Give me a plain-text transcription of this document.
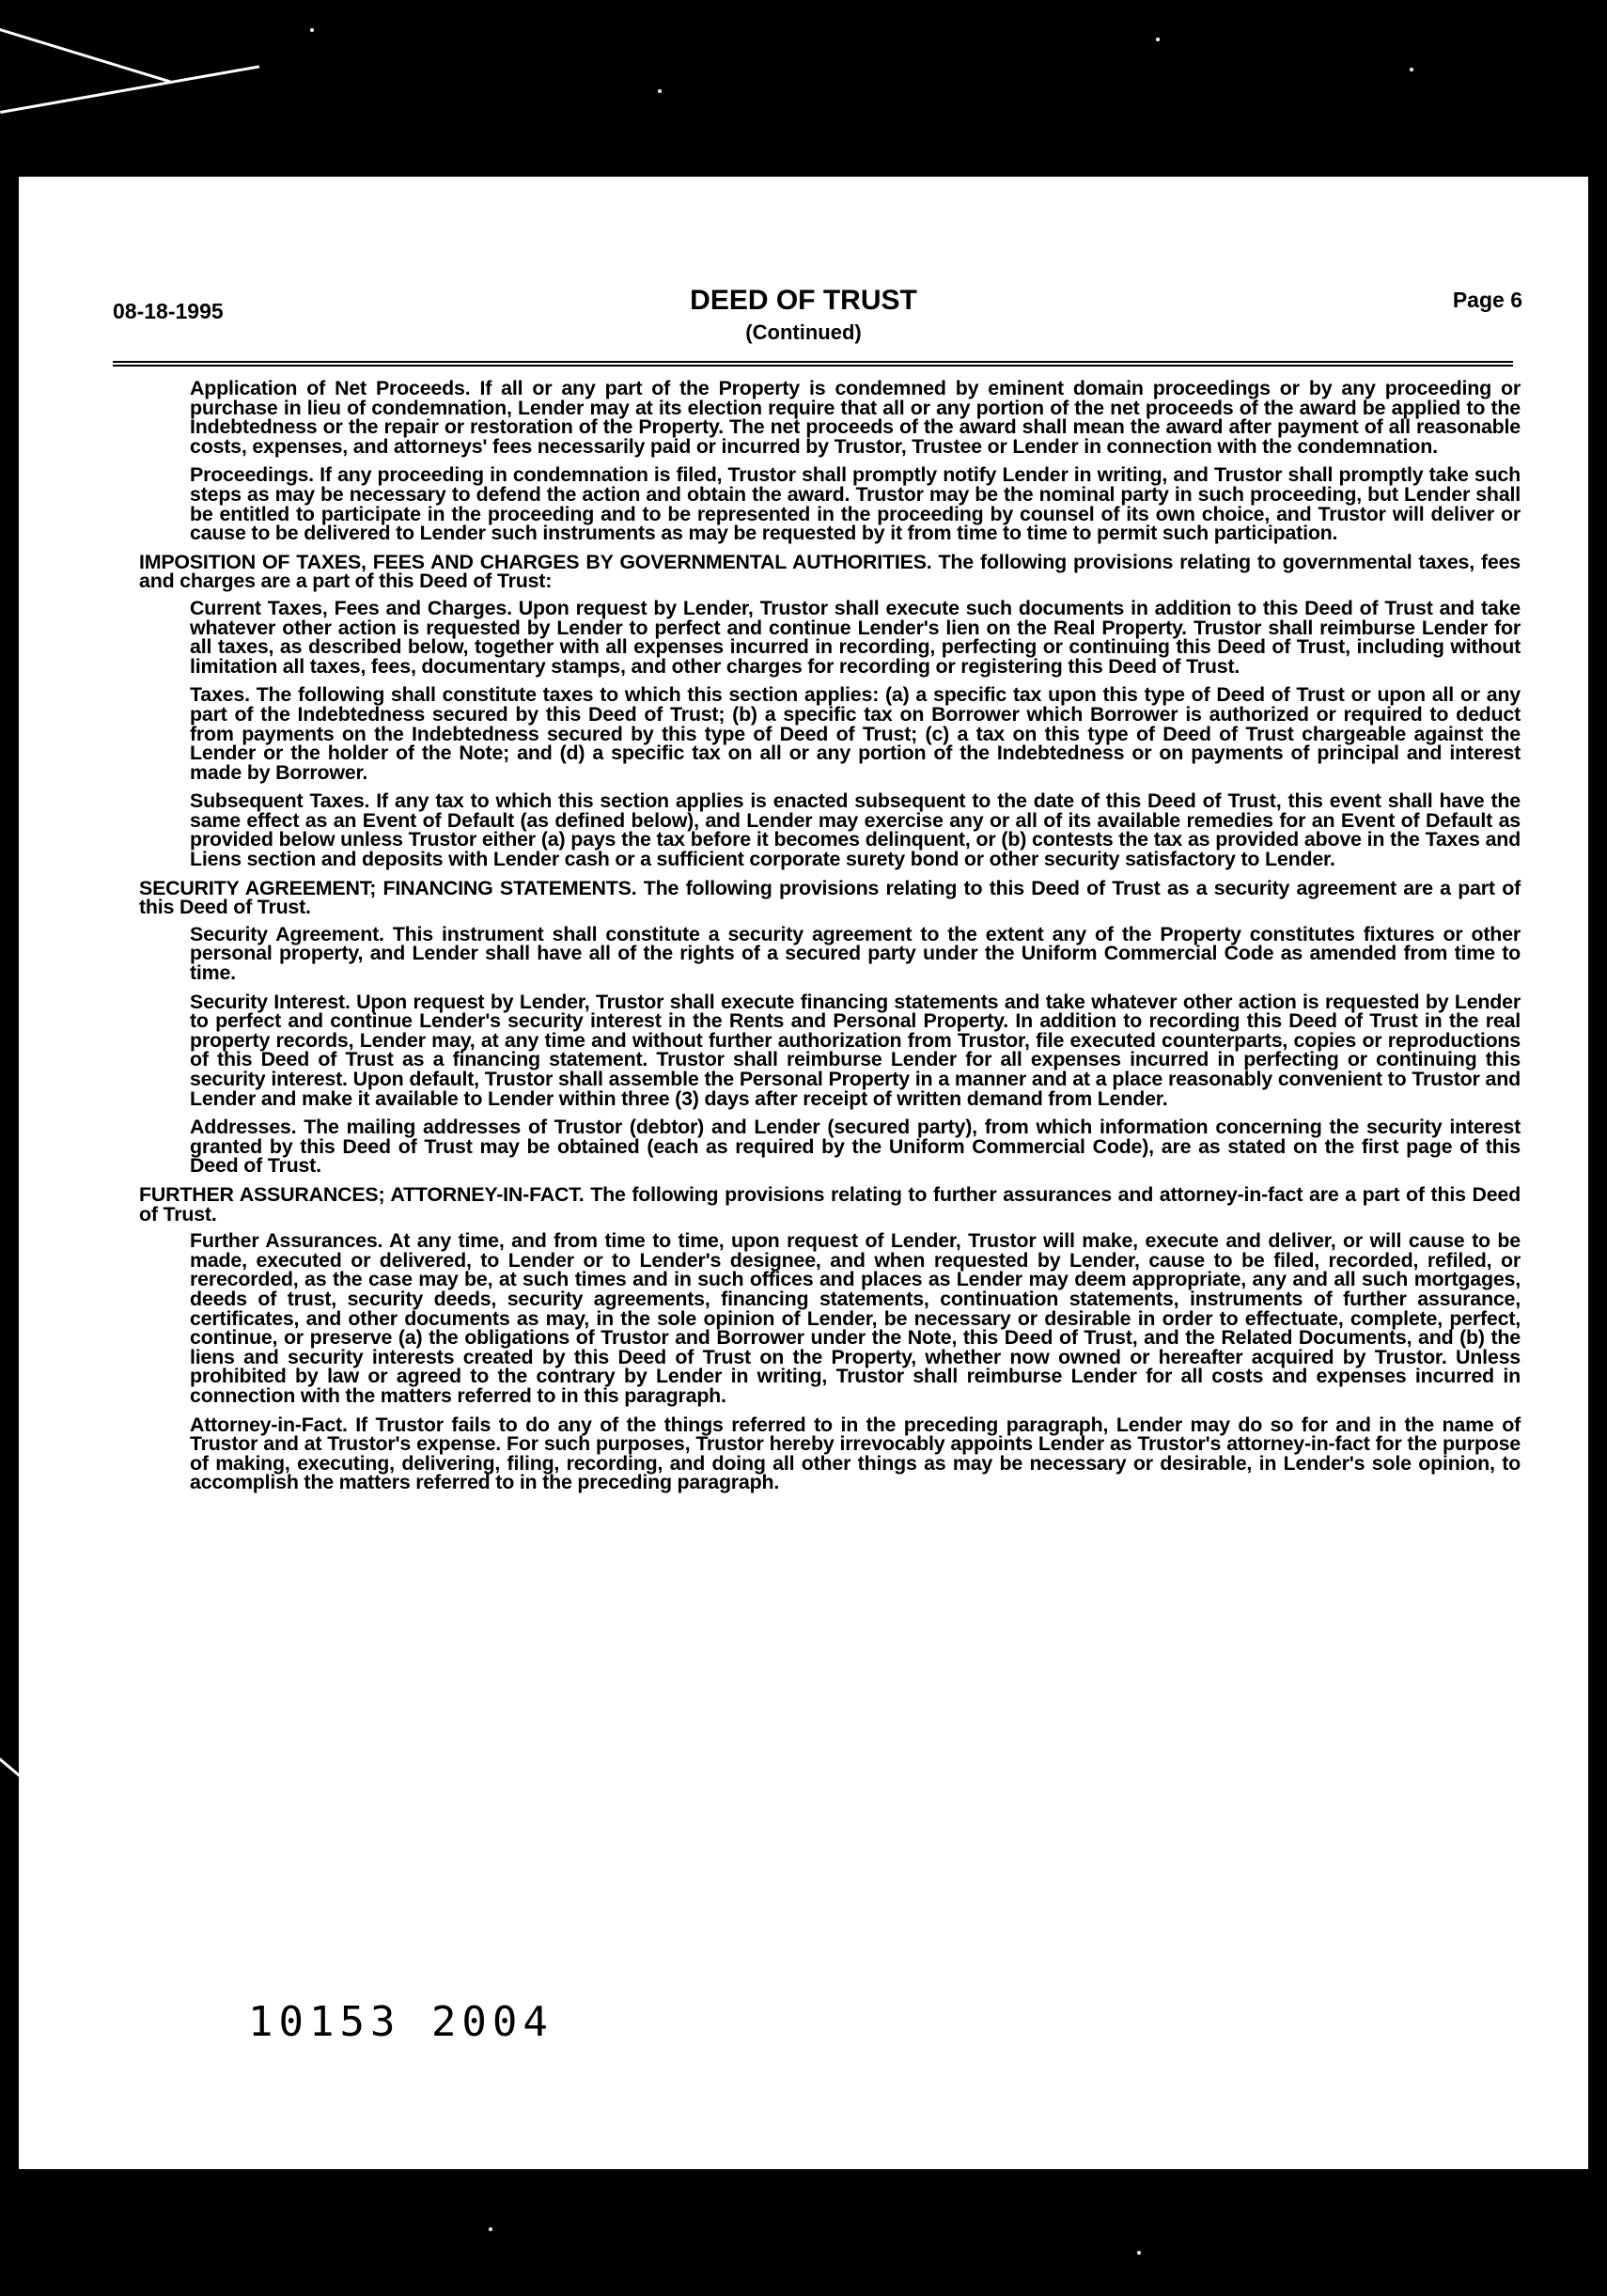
08-18-1995	DEED OF TRUST
(Continued)
Page 6

Application of Net Proceeds. If all or any part of the Property is condemned by eminent domain proceedings or by any proceeding or purchase in lieu of condemnation, Lender may at its election require that all or any portion of the net proceeds of the award be applied to the Indebtedness or the repair or restoration of the Property. The net proceeds of the award shall mean the award after payment of all reasonable costs, expenses, and attorneys' fees necessarily paid or incurred by Trustor, Trustee or Lender in connection with the condemnation.

Proceedings. If any proceeding in condemnation is filed, Trustor shall promptly notify Lender in writing, and Trustor shall promptly take such steps as may be necessary to defend the action and obtain the award. Trustor may be the nominal party in such proceeding, but Lender shall be entitled to participate in the proceeding and to be represented in the proceeding by counsel of its own choice, and Trustor will deliver or cause to be delivered to Lender such instruments as may be requested by it from time to time to permit such participation.

IMPOSITION OF TAXES, FEES AND CHARGES BY GOVERNMENTAL AUTHORITIES. The following provisions relating to governmental taxes, fees and charges are a part of this Deed of Trust:

Current Taxes, Fees and Charges. Upon request by Lender, Trustor shall execute such documents in addition to this Deed of Trust and take whatever other action is requested by Lender to perfect and continue Lender's lien on the Real Property. Trustor shall reimburse Lender for all taxes, as described below, together with all expenses incurred in recording, perfecting or continuing this Deed of Trust, including without limitation all taxes, fees, documentary stamps, and other charges for recording or registering this Deed of Trust.

Taxes. The following shall constitute taxes to which this section applies: (a) a specific tax upon this type of Deed of Trust or upon all or any part of the Indebtedness secured by this Deed of Trust; (b) a specific tax on Borrower which Borrower is authorized or required to deduct from payments on the Indebtedness secured by this type of Deed of Trust; (c) a tax on this type of Deed of Trust chargeable against the Lender or the holder of the Note; and (d) a specific tax on all or any portion of the Indebtedness or on payments of principal and interest made by Borrower.

Subsequent Taxes. If any tax to which this section applies is enacted subsequent to the date of this Deed of Trust, this event shall have the same effect as an Event of Default (as defined below), and Lender may exercise any or all of its available remedies for an Event of Default as provided below unless Trustor either (a) pays the tax before it becomes delinquent, or (b) contests the tax as provided above in the Taxes and Liens section and deposits with Lender cash or a sufficient corporate surety bond or other security satisfactory to Lender.

SECURITY AGREEMENT; FINANCING STATEMENTS. The following provisions relating to this Deed of Trust as a security agreement are a part of this Deed of Trust.

Security Agreement. This instrument shall constitute a security agreement to the extent any of the Property constitutes fixtures or other personal property, and Lender shall have all of the rights of a secured party under the Uniform Commercial Code as amended from time to time.

Security Interest. Upon request by Lender, Trustor shall execute financing statements and take whatever other action is requested by Lender to perfect and continue Lender's security interest in the Rents and Personal Property. In addition to recording this Deed of Trust in the real property records, Lender may, at any time and without further authorization from Trustor, file executed counterparts, copies or reproductions of this Deed of Trust as a financing statement. Trustor shall reimburse Lender for all expenses incurred in perfecting or continuing this security interest. Upon default, Trustor shall assemble the Personal Property in a manner and at a place reasonably convenient to Trustor and Lender and make it available to Lender within three (3) days after receipt of written demand from Lender.

Addresses. The mailing addresses of Trustor (debtor) and Lender (secured party), from which information concerning the security interest granted by this Deed of Trust may be obtained (each as required by the Uniform Commercial Code), are as stated on the first page of this Deed of Trust.

FURTHER ASSURANCES; ATTORNEY-IN-FACT. The following provisions relating to further assurances and attorney-in-fact are a part of this Deed of Trust.

Further Assurances. At any time, and from time to time, upon request of Lender, Trustor will make, execute and deliver, or will cause to be made, executed or delivered, to Lender or to Lender's designee, and when requested by Lender, cause to be filed, recorded, refiled, or rerecorded, as the case may be, at such times and in such offices and places as Lender may deem appropriate, any and all such mortgages, deeds of trust, security deeds, security agreements, financing statements, continuation statements, instruments of further assurance, certificates, and other documents as may, in the sole opinion of Lender, be necessary or desirable in order to effectuate, complete, perfect, continue, or preserve (a) the obligations of Trustor and Borrower under the Note, this Deed of Trust, and the Related Documents, and (b) the liens and security interests created by this Deed of Trust on the Property, whether now owned or hereafter acquired by Trustor. Unless prohibited by law or agreed to the contrary by Lender in writing, Trustor shall reimburse Lender for all costs and expenses incurred in connection with the matters referred to in this paragraph.

Attorney-in-Fact. If Trustor fails to do any of the things referred to in the preceding paragraph, Lender may do so for and in the name of Trustor and at Trustor's expense. For such purposes, Trustor hereby irrevocably appoints Lender as Trustor's attorney-in-fact for the purpose of making, executing, delivering, filing, recording, and doing all other things as may be necessary or desirable, in Lender's sole opinion, to accomplish the matters referred to in the preceding paragraph.

10153 2004
